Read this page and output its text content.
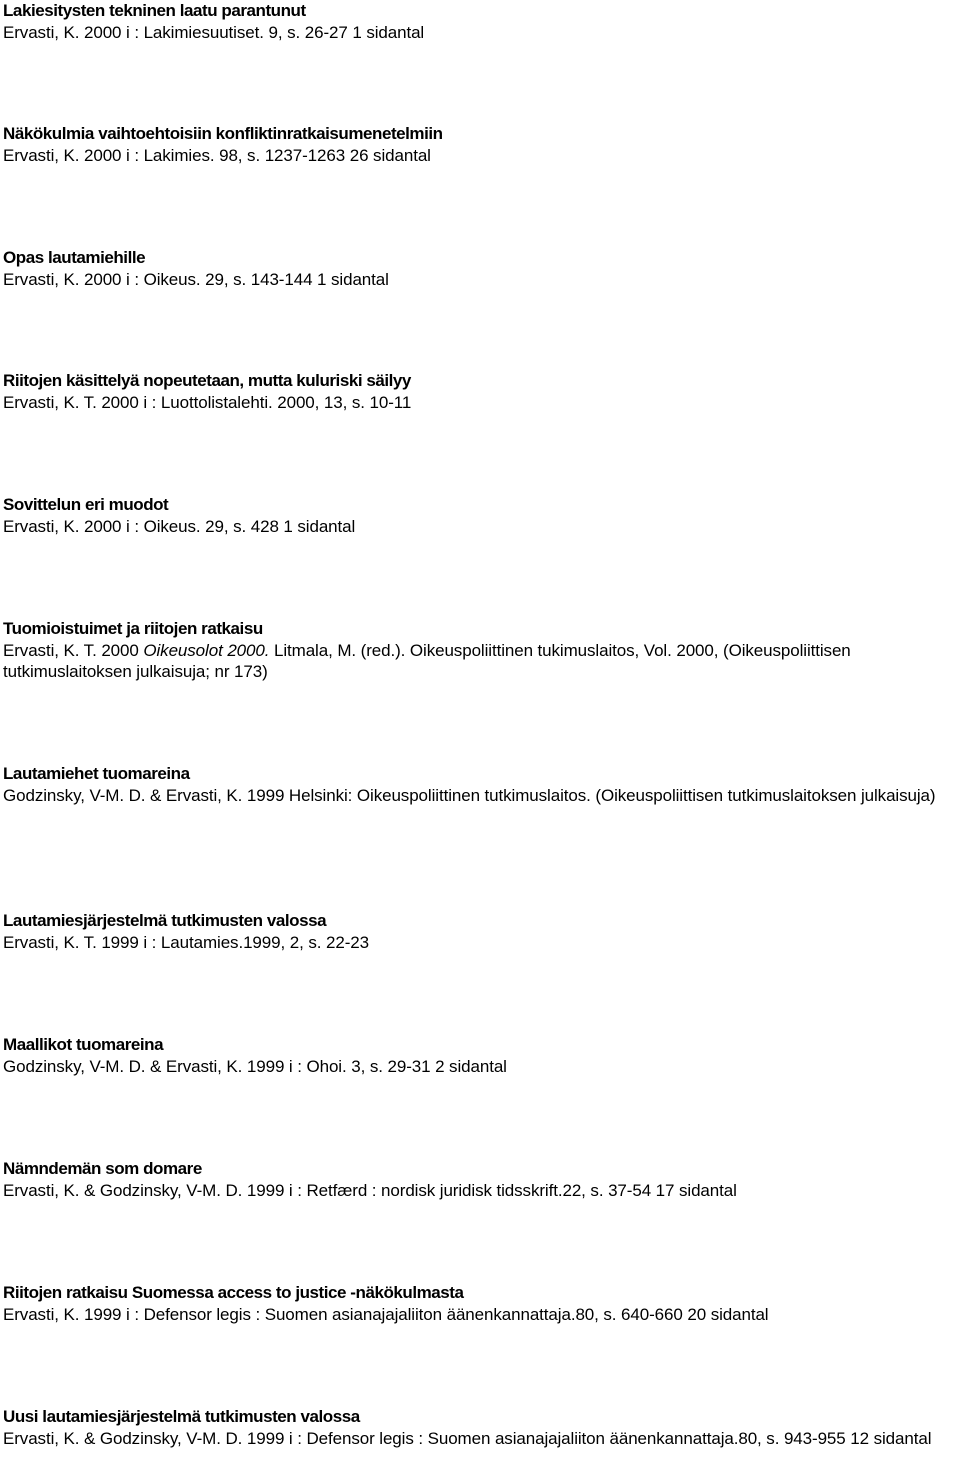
Lakiesitysten tekninen laatu parantunut
Ervasti, K. 2000 i : Lakimiesuutiset. 9, s. 26-27 1 sidantal
Näkökulmia vaihtoehtoisiin konfliktinratkaisumenetelmiin
Ervasti, K. 2000 i : Lakimies. 98, s. 1237-1263 26 sidantal
Opas lautamiehille
Ervasti, K. 2000 i : Oikeus. 29, s. 143-144 1 sidantal
Riitojen käsittelyä nopeutetaan, mutta kuluriski säilyy
Ervasti, K. T. 2000 i : Luottolistalehti. 2000, 13, s. 10-11
Sovittelun eri muodot
Ervasti, K. 2000 i : Oikeus. 29, s. 428 1 sidantal
Tuomioistuimet ja riitojen ratkaisu
Ervasti, K. T. 2000 Oikeusolot 2000. Litmala, M. (red.). Oikeuspoliittinen tukimuslaitos, Vol. 2000, (Oikeuspoliittisen tutkimuslaitoksen julkaisuja; nr 173)
Lautamiehet tuomareina
Godzinsky, V-M. D. & Ervasti, K. 1999 Helsinki: Oikeuspoliittinen tutkimuslaitos. (Oikeuspoliittisen tutkimuslaitoksen julkaisuja)
Lautamiesjärjestelmä tutkimusten valossa
Ervasti, K. T. 1999 i : Lautamies.1999, 2, s. 22-23
Maallikot tuomareina
Godzinsky, V-M. D. & Ervasti, K. 1999 i : Ohoi. 3, s. 29-31 2 sidantal
Nämndemän som domare
Ervasti, K. & Godzinsky, V-M. D. 1999 i : Retfærd : nordisk juridisk tidsskrift.22, s. 37-54 17 sidantal
Riitojen ratkaisu Suomessa access to justice -näkökulmasta
Ervasti, K. 1999 i : Defensor legis : Suomen asianajajaliiton äänenkannattaja.80, s. 640-660 20 sidantal
Uusi lautamiesjärjestelmä tutkimusten valossa
Ervasti, K. & Godzinsky, V-M. D. 1999 i : Defensor legis : Suomen asianajajaliiton äänenkannattaja.80, s. 943-955 12 sidantal
